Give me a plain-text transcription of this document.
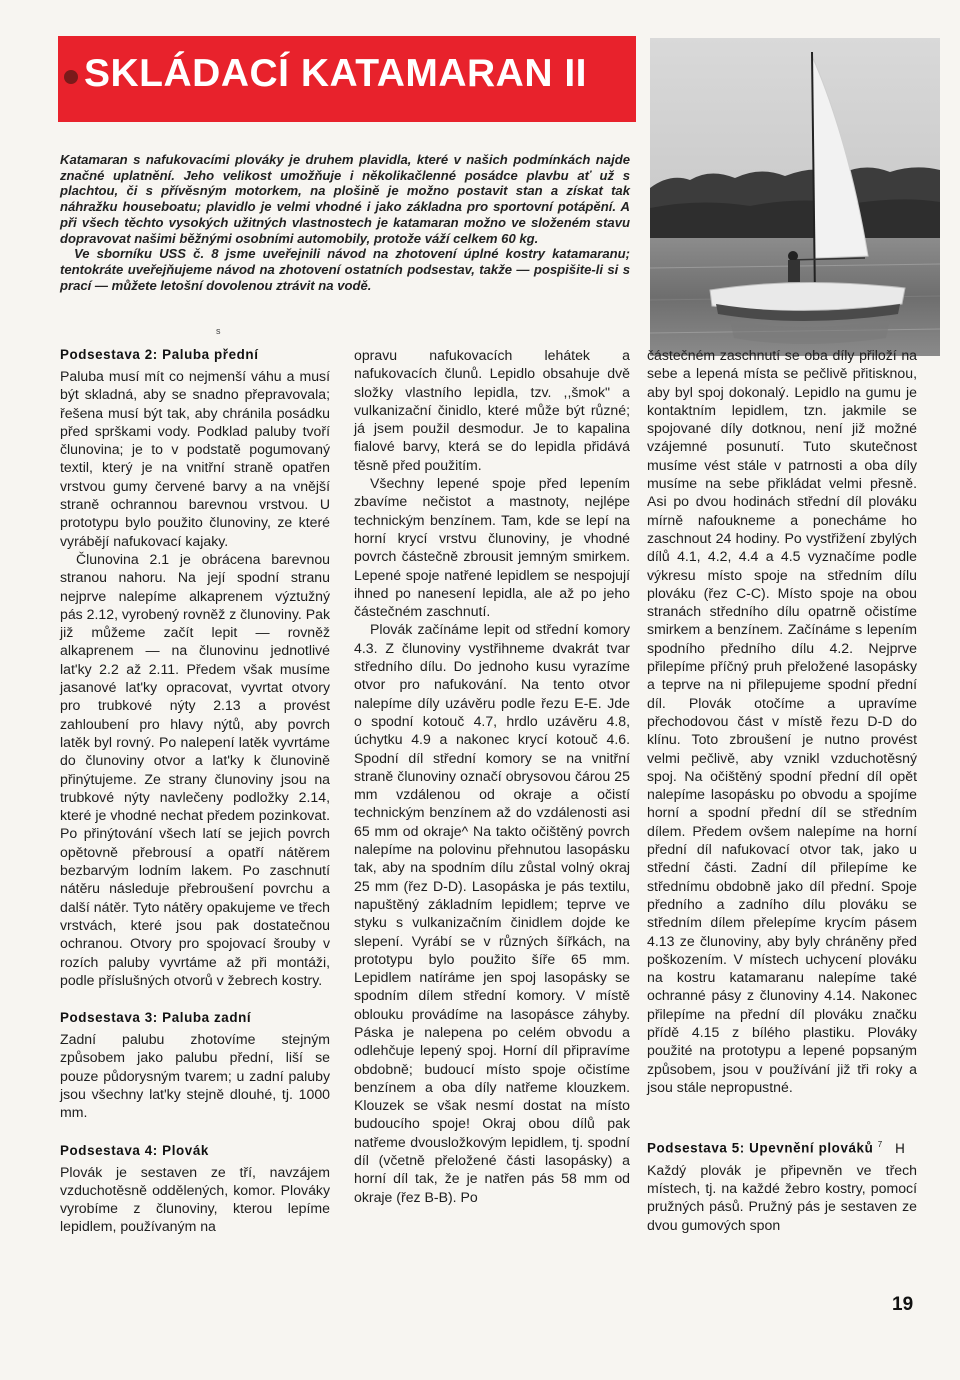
SKLÁDACÍ KATAMARAN II

Katamaran s nafukovacími plováky je druhem plavidla, které v našich podmínkách najde značné uplatnění. Jeho velikost umožňuje i několikačlenné posádce plavbu ať už s plachtou, či s přívěsným motorkem, na plošině je možno postavit stan a získat tak náhražku houseboatu; plavidlo je velmi vhodné i jako základna pro sportovní potápění. A při všech těchto vysokých užitných vlastnostech je katamaran možno ve složeném stavu dopravovat našimi běžnými osobními automobily, protože váží celkem 60 kg.

Ve sborníku USS č. 8 jsme uveřejnili návod na zhotovení úplné kostry katamaranu; tentokráte uveřejňujeme návod na zhotovení ostatních podsestav, takže — pospišite-li si s prací — můžete letošní dovolenou ztrávit na vodě.

s
Podsestava 2: Paluba přední

Paluba musí mít co nejmenší váhu a musí být skladná, aby se snadno přepravovala; řešena musí být tak, aby chránila posádku před sprškami vody. Podklad paluby tvoří člunovina; je to v podstatě pogumovaný textil, který je na vnitřní straně opatřen vrstvou gumy červené barvy a na vnější straně ochrannou barevnou vrstvou. U prototypu bylo použito člunoviny, ze které vyrábějí nafukovací kajaky.

Člunovina 2.1 je obrácena barevnou stranou nahoru. Na její spodní stranu nejprve nalepíme alkaprenem výztužný pás 2.12, vyrobený rovněž z člunoviny. Pak již můžeme začít lepit — rovněž alkaprenem — na člunovinu jednotlivé lat'ky 2.2 až 2.11. Předem však musíme jasanové lat'ky opracovat, vyvrtat otvory pro trubkové nýty 2.13 a provést zahloubení pro hlavy nýtů, aby povrch latěk byl rovný. Po nalepení latěk vyvrtáme do člunoviny otvor a lat'ky k člunovině přinýtujeme. Ze strany člunoviny jsou na trubkové nýty navlečeny podložky 2.14, které je vhodné nechat předem pozinkovat. Po přinýtování všech latí se jejich povrch opětovně přebrousí a opatří nátěrem bezbarvým lodním lakem. Po zaschnutí nátěru následuje přebroušení povrchu a další nátěr. Tyto nátěry opakujeme ve třech vrstvách, které jsou pak dostatečnou ochranou. Otvory pro spojovací šrouby v rozích paluby vyvrtáme až při montáži, podle příslušných otvorů v žebrech kostry.

Podsestava 3: Paluba zadní

Zadní palubu zhotovíme stejným způsobem jako palubu přední, liší se pouze půdorysným tvarem; u zadní paluby jsou všechny lat'ky stejně dlouhé, tj. 1000 mm.

Podsestava 4: Plovák

Plovák je sestaven ze tří, navzájem vzduchotěsně oddělených, komor. Plováky vyrobíme z člunoviny, kterou lepíme lepidlem, používaným na

opravu nafukovacích lehátek a nafukovacích člunů. Lepidlo obsahuje dvě složky vlastního lepidla, tzv. ,,šmok" a vulkanizační činidlo, které může být různé; já jsem použil desmodur. Je to kapalina fialové barvy, která se do lepidla přidává těsně před použitím.

Všechny lepené spoje před lepením zbavíme nečistot a mastnoty, nejlépe technickým benzínem. Tam, kde se lepí na horní krycí vrstvu člunoviny, je vhodné povrch částečně zbrousit jemným smirkem. Lepené spoje natřené lepidlem se nespojují ihned po nanesení lepidla, ale až po jeho částečném zaschnutí.

Plovák začínáme lepit od střední komory 4.3. Z člunoviny vystřihneme dvakrát tvar středního dílu. Do jednoho kusu vyrazíme otvor pro nafukování. Na tento otvor nalepíme díly uzávěru podle řezu E-E. Jde o spodní kotouč 4.7, hrdlo uzávěru 4.8, úchytku 4.9 a nakonec krycí kotouč 4.6. Spodní díl střední komory se na vnitřní straně člunoviny označí obrysovou čárou 25 mm vzdálenou od okraje a očistí technickým benzínem až do vzdálenosti asi 65 mm od okraje^ Na takto očištěný povrch nalepíme na polovinu přehnutou lasopásku tak, aby na spodním dílu zůstal volný okraj 25 mm (řez D-D). Lasopáska je pás textilu, napuštěný základním lepidlem; teprve ve styku s vulkanizačním činidlem dojde ke slepení. Vyrábí se v různých šířkách, na prototypu bylo použito šíře 65 mm. Lepidlem natíráme jen spoj lasopásky se spodním dílem střední komory. V místě oblouku provádíme na lasopásce záhyby. Páska je nalepena po celém obvodu a odlehčuje lepený spoj. Horní díl připravíme obdobně; budoucí místo spoje očistíme benzínem a oba díly natřeme klouzkem. Klouzek se však nesmí dostat na místo budoucího spoje! Okraj obou dílů pak natřeme dvousložkovým lepidlem, tj. spodní díl (včetně přeložené části lasopásky) a horní díl tak, že je natřen pás 58 mm od okraje (řez B-B). Po

částečném zaschnutí se oba díly přiloží na sebe a lepená místa se pečlivě přitisknou, aby byl spoj dokonalý. Lepidlo na gumu je kontaktním lepidlem, tzn. jakmile se spojované díly dotknou, není již možné vzájemné posunutí. Tuto skutečnost musíme vést stále v patrnosti a oba díly musíme na sebe přikládat velmi přesně. Asi po dvou hodinách střední díl plováku mírně nafoukneme a ponecháme ho zaschnout 24 hodiny. Po vystřižení zbylých dílů 4.1, 4.2, 4.4 a 4.5 vyznačíme podle výkresu místo spoje na středním dílu plováku (řez C-C). Místo spoje na obou stranách středního dílu opatrně očistíme smirkem a benzínem. Začínáme s lepením spodního předního dílu 4.2. Nejprve přilepíme příčný pruh přeložené lasopásky a teprve na ni přilepujeme spodní přední díl. Plovák otočíme a upravíme přechodovou část v místě řezu D-D do klínu. Toto zbroušení je nutno provést velmi pečlivě, aby vznikl vzduchotěsný spoj. Na očištěný spodní přední díl opět nalepíme lasopásku po obvodu a spojíme horní a spodní přední díl se středním dílem. Předem ovšem nalepíme na horní přední díl nafukovací otvor tak, jako u střední části. Zadní díl přilepíme ke střednímu obdobně jako díl přední. Spoje předního a zadního dílu plováku se středním dílem přelepíme krycím pásem 4.13 ze člunoviny, aby byly chráněny před poškozením. V místech uchycení plováku na kostru katamaranu nalepíme také ochranné pásy z člunoviny 4.14. Nakonec přilepíme na přední díl plováku značku přídě 4.15 z bílého plastiku. Plováky použité na prototypu a lepené popsaným způsobem, jsou v používání již tři roky a jsou stále nepropustné.

Podsestava 5: Upevnění plováků $^7$ H

Každý plovák je připevněn ve třech místech, tj. na každé žebro kostry, pomocí pružných pásů. Pružný pás je sestaven ze dvou gumových spon

19
